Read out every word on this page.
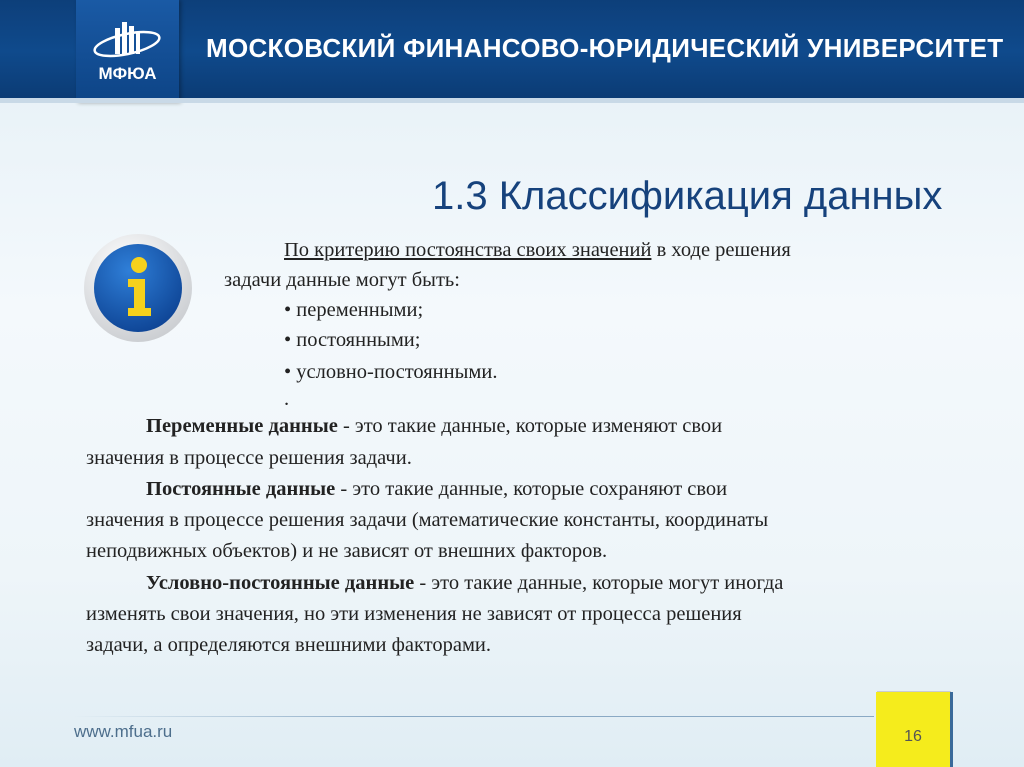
МФЮА
МОСКОВСКИЙ ФИНАНСОВО-ЮРИДИЧЕСКИЙ УНИВЕРСИТЕТ
1.3 Классификация данных
По критерию постоянства своих значений в ходе решения
задачи данные могут быть:
• переменными;
• постоянными;
• условно-постоянными.
.
Переменные данные - это такие данные, которые изменяют свои
значения в процессе решения задачи.
Постоянные данные - это такие данные, которые сохраняют свои
значения в процессе решения задачи (математические константы, координаты
неподвижных объектов) и не зависят от внешних факторов.
Условно-постоянные данные - это такие данные, которые могут иногда
изменять свои значения, но эти изменения не зависят от процесса решения
задачи, а определяются внешними факторами.
www.mfua.ru	16
